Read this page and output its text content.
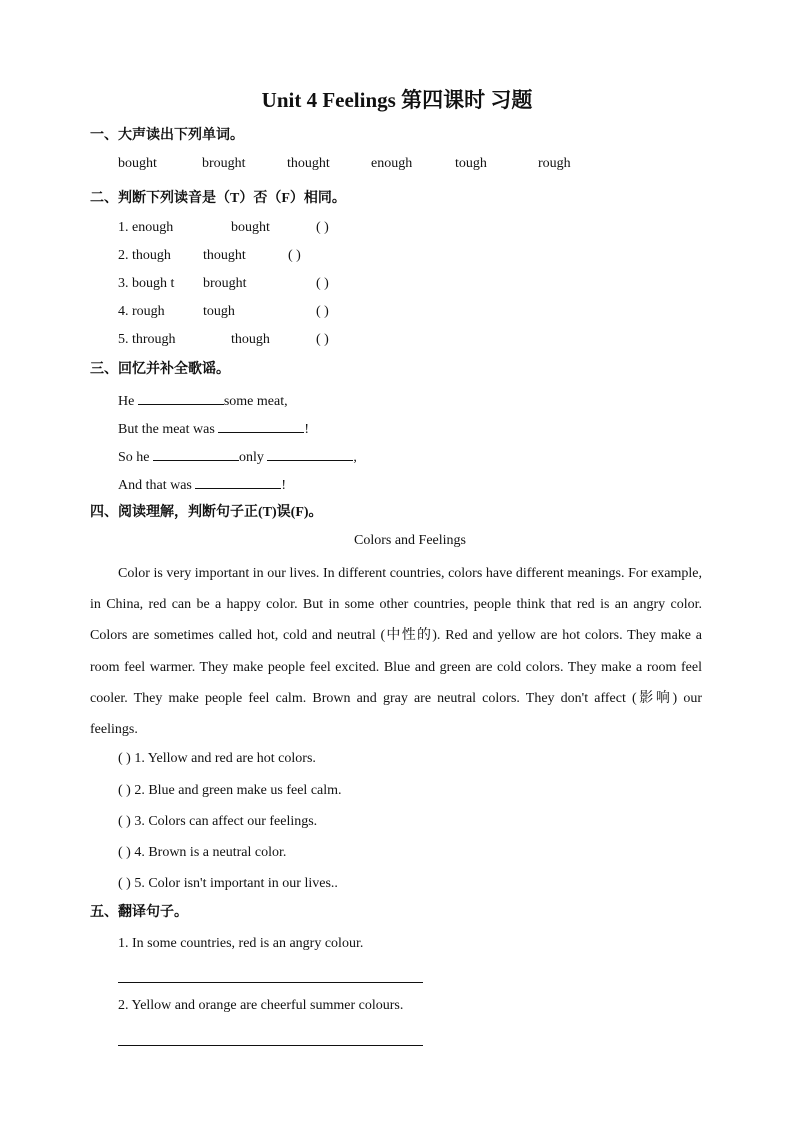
Unit 4 Feelings 第四课时 习题
一、大声读出下列单词。
bought	brought	thought	enough	tough	rough
二、判断下列读音是（T）否（F）相同。
1. enough	bought	( )
2. though thought	( )
3. bough t brought	( )
4. rough	tough	( )
5. through	though	( )
三、回忆并补全歌谣。
He	some meat,
But the meat was	!
So he	only	,
And that was	!
四、阅读理解，判断句子正(T)误(F)。
Colors and Feelings

Color is very important in our lives. In different countries, colors have different meanings. For example, in China, red can be a happy color. But in some other countries, people think that red is an angry color. Colors are sometimes called hot, cold and neutral (中性的). Red and yellow are hot colors. They make a room feel warmer. They make people feel excited. Blue and green are cold colors. They make a room feel cooler. They make people feel calm. Brown and gray are neutral colors. They don't affect (影响) our feelings.

( ) 1. Yellow and red are hot colors.
( ) 2. Blue and green make us feel calm.
( ) 3. Colors can affect our feelings.
( ) 4. Brown is a neutral color.
( ) 5. Color isn't important in our lives..
五、翻译句子。
1. In some countries, red is an angry colour.
2. Yellow and orange are cheerful summer colours.
